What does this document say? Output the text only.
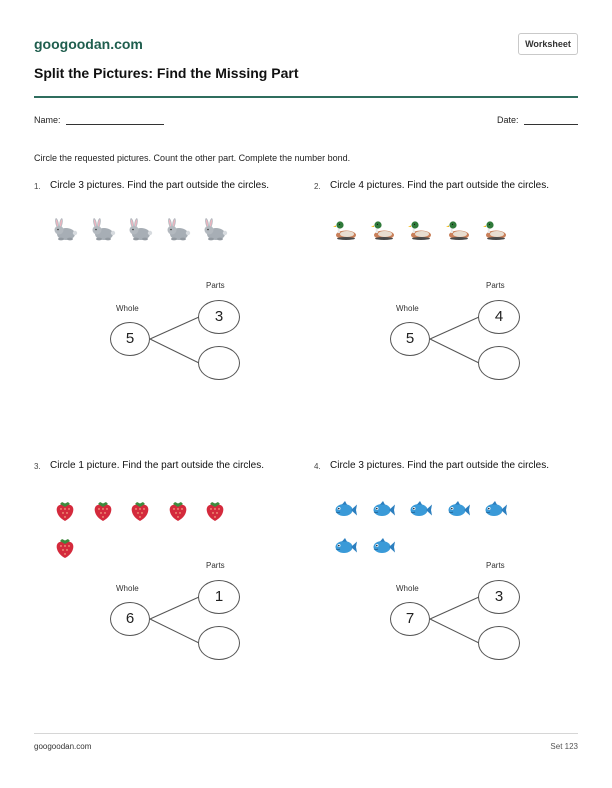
googoodan.com	Worksheet
Split the Pictures: Find the Missing Part
Name:	Date:
Circle the requested pictures. Count the other part. Complete the number bond.
1. Circle 3 pictures. Find the part outside the circles.
Whole
Parts
5
3
2. Circle 4 pictures. Find the part outside the circles.
Whole
Parts
5
4
3. Circle 1 picture. Find the part outside the circles.
Whole
Parts
6
1
4. Circle 3 pictures. Find the part outside the circles.
Whole
Parts
7
3
googoodan.com	Set 123
